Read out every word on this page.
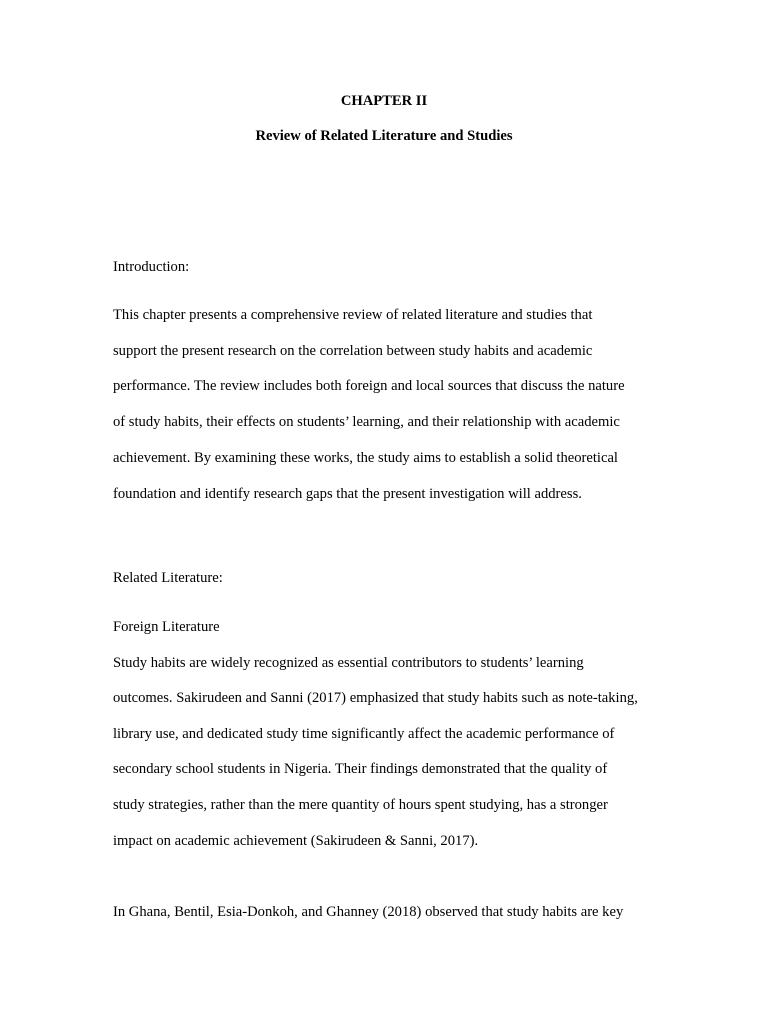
CHAPTER II
Review of Related Literature and Studies
Introduction:
This chapter presents a comprehensive review of related literature and studies that
support the present research on the correlation between study habits and academic
performance. The review includes both foreign and local sources that discuss the nature
of study habits, their effects on students’ learning, and their relationship with academic
achievement. By examining these works, the study aims to establish a solid theoretical
foundation and identify research gaps that the present investigation will address.
Related Literature:
Foreign Literature
Study habits are widely recognized as essential contributors to students’ learning
outcomes. Sakirudeen and Sanni (2017) emphasized that study habits such as note-taking,
library use, and dedicated study time significantly affect the academic performance of
secondary school students in Nigeria. Their findings demonstrated that the quality of
study strategies, rather than the mere quantity of hours spent studying, has a stronger
impact on academic achievement (Sakirudeen & Sanni, 2017).
In Ghana, Bentil, Esia-Donkoh, and Ghanney (2018) observed that study habits are key
